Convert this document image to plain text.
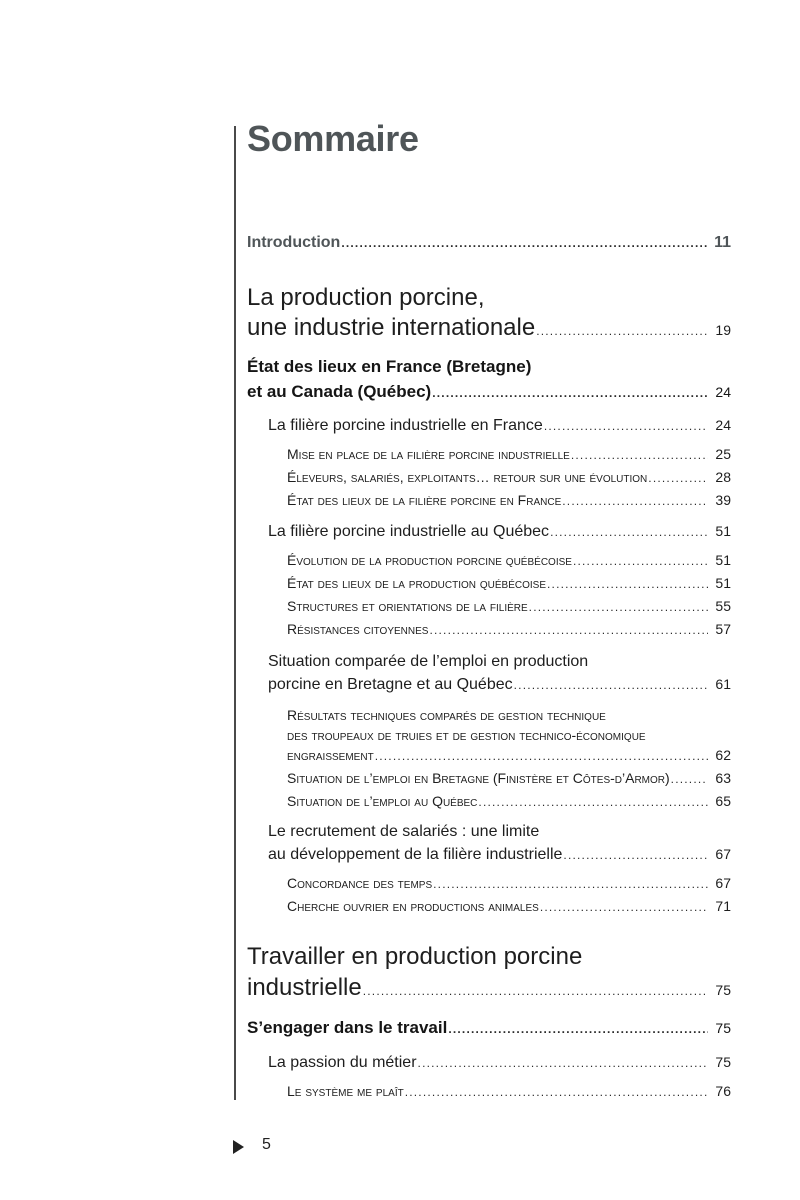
Sommaire
Introduction .....	11
La production porcine,
une industrie internationale .....	19
État des lieux en France (Bretagne)
et au Canada (Québec) .....	24
La filière porcine industrielle en France .....	24
Mise en place de la filière porcine industrielle .....	25
Éleveurs, salariés, exploitants… retour sur une évolution .....	28
État des lieux de la filière porcine en France .....	39
La filière porcine industrielle au Québec .....	51
Évolution de la production porcine québécoise .....	51
État des lieux de la production québécoise .....	51
Structures et orientations de la filière .....	55
Résistances citoyennes .....	57
Situation comparée de l’emploi en production
porcine en Bretagne et au Québec .....	61
Résultats techniques comparés de gestion technique
des troupeaux de truies et de gestion technico-économique
engraissement .....	62
Situation de l’emploi en Bretagne (Finistère et Côtes-d’Armor) .....	63
Situation de l’emploi au Québec .....	65
Le recrutement de salariés : une limite
au développement de la filière industrielle .....	67
Concordance des temps .....	67
Cherche ouvrier en productions animales .....	71
Travailler en production porcine
industrielle .....	75
S’engager dans le travail .....	75
La passion du métier .....	75
Le système me plaît .....	76
5
